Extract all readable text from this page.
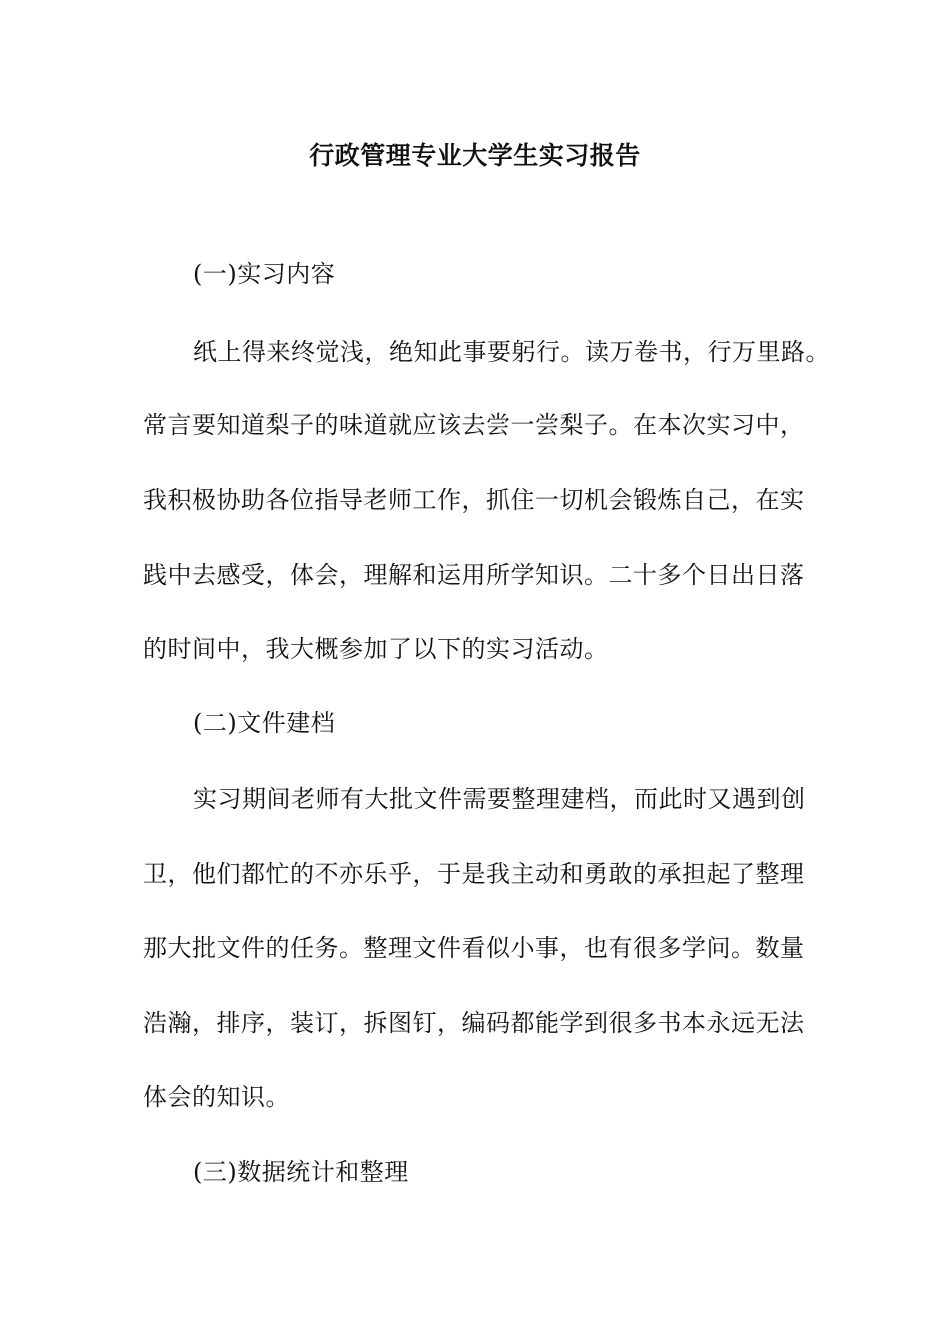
行政管理专业大学生实习报告
(一)实习内容
纸上得来终觉浅，绝知此事要躬行。读万卷书，行万里路。
常言要知道梨子的味道就应该去尝一尝梨子。在本次实习中，
我积极协助各位指导老师工作，抓住一切机会锻炼自己，在实
践中去感受，体会，理解和运用所学知识。二十多个日出日落
的时间中，我大概参加了以下的实习活动。
(二)文件建档
实习期间老师有大批文件需要整理建档，而此时又遇到创
卫，他们都忙的不亦乐乎，于是我主动和勇敢的承担起了整理
那大批文件的任务。整理文件看似小事，也有很多学问。数量
浩瀚，排序，装订，拆图钉，编码都能学到很多书本永远无法
体会的知识。
(三)数据统计和整理
